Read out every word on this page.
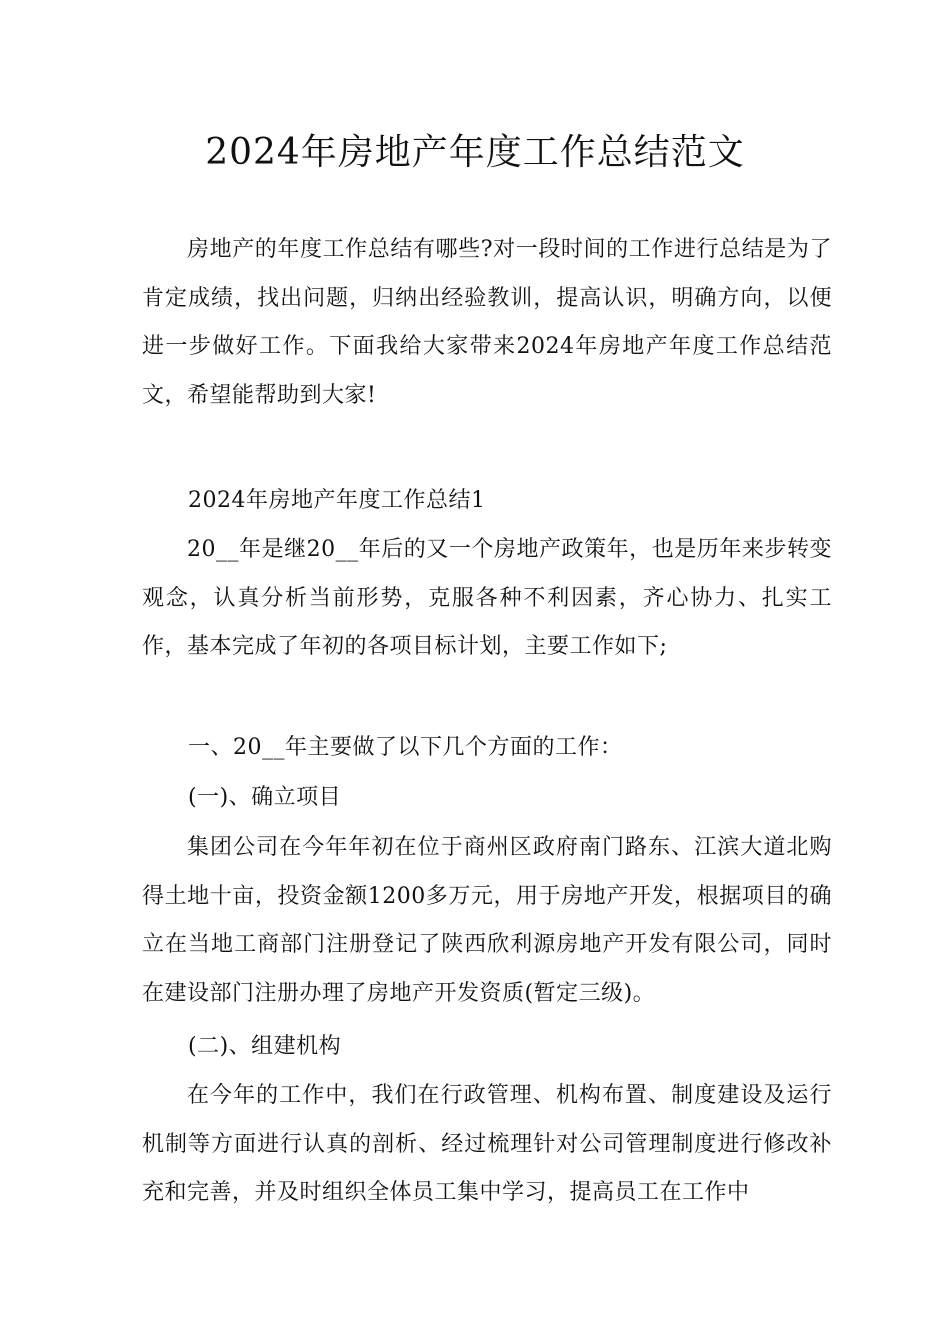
2024年房地产年度工作总结范文

房地产的年度工作总结有哪些?对一段时间的工作进行总结是为了肯定成绩，找出问题，归纳出经验教训，提高认识，明确方向，以便进一步做好工作。下面我给大家带来2024年房地产年度工作总结范文，希望能帮助到大家!

2024年房地产年度工作总结1

20__年是继20__年后的又一个房地产政策年，也是历年来步转变观念，认真分析当前形势，克服各种不利因素，齐心协力、扎实工作，基本完成了年初的各项目标计划，主要工作如下;

一、20__年主要做了以下几个方面的工作：

(一)、确立项目

集团公司在今年年初在位于商州区政府南门路东、江滨大道北购得土地十亩，投资金额1200多万元，用于房地产开发，根据项目的确立在当地工商部门注册登记了陕西欣利源房地产开发有限公司，同时在建设部门注册办理了房地产开发资质(暂定三级)。

(二)、组建机构

在今年的工作中，我们在行政管理、机构布置、制度建设及运行机制等方面进行认真的剖析、经过梳理针对公司管理制度进行修改补充和完善，并及时组织全体员工集中学习，提高员工在工作中
